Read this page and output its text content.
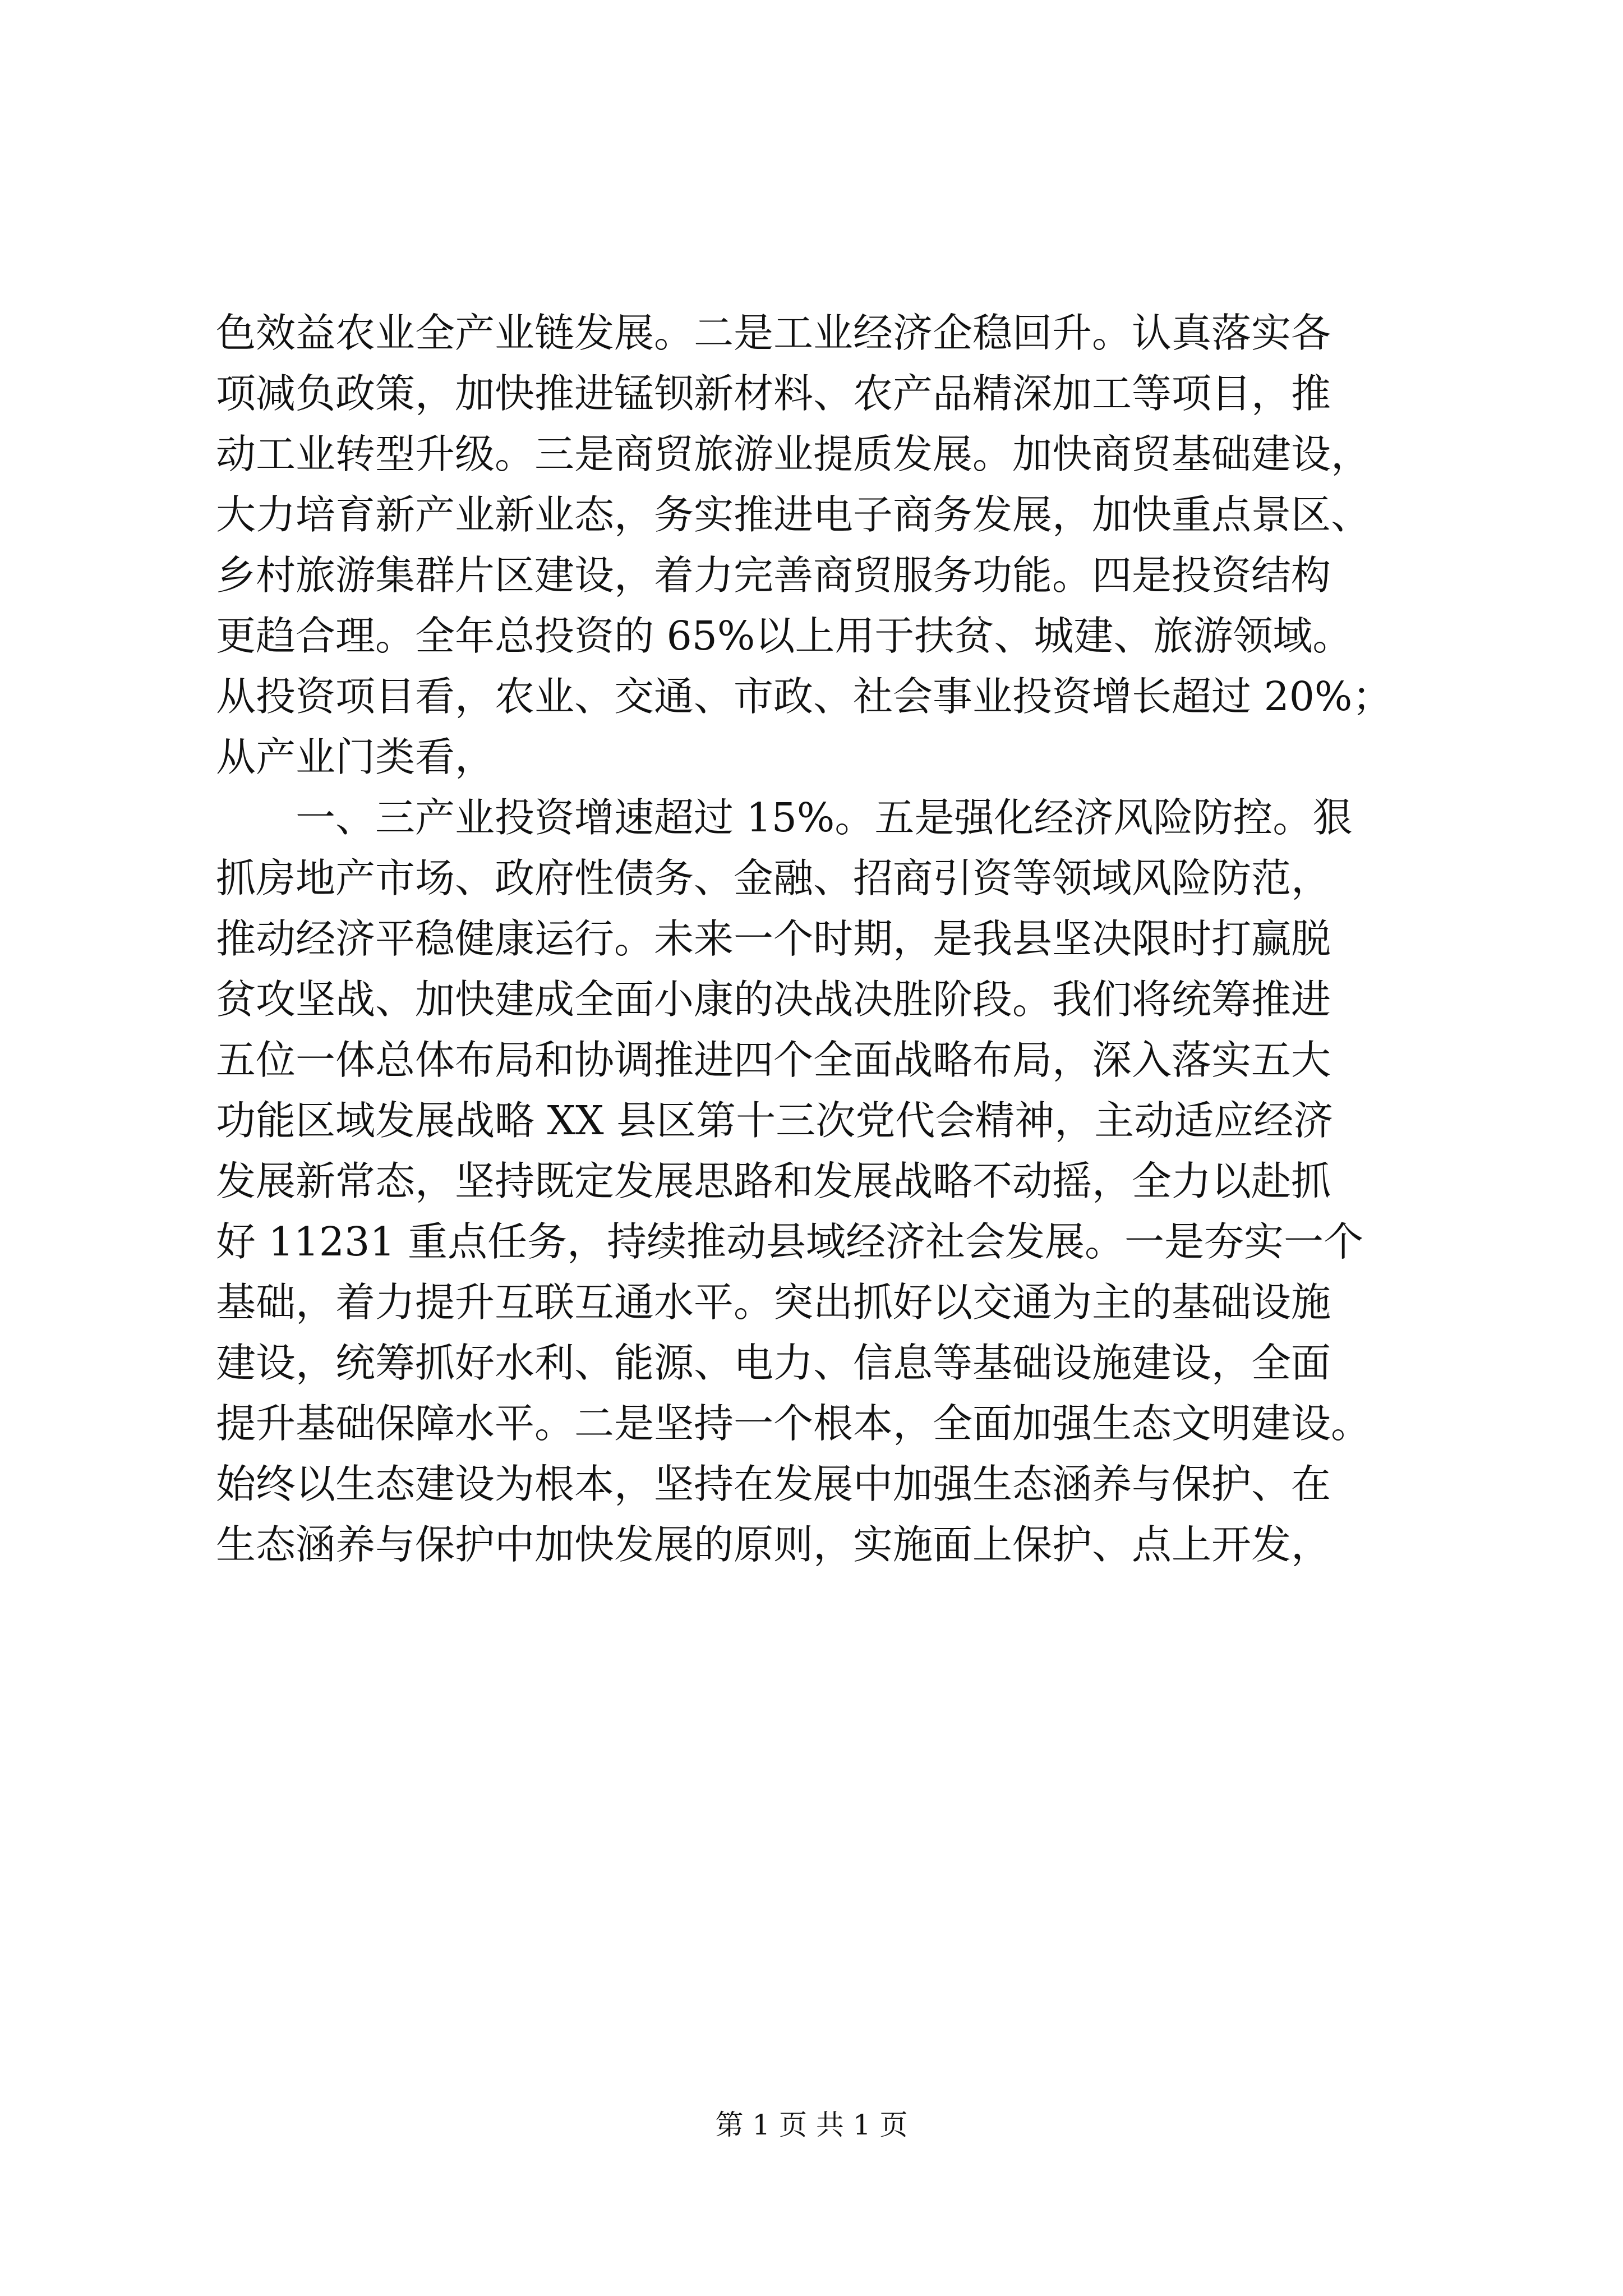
色效益农业全产业链发展。二是工业经济企稳回升。认真落实各
项减负政策，加快推进锰钡新材料、农产品精深加工等项目，推
动工业转型升级。三是商贸旅游业提质发展。加快商贸基础建设，
大力培育新产业新业态，务实推进电子商务发展，加快重点景区、
乡村旅游集群片区建设，着力完善商贸服务功能。四是投资结构
更趋合理。全年总投资的 65%以上用于扶贫、城建、旅游领域。
从投资项目看，农业、交通、市政、社会事业投资增长超过 20%；
从产业门类看，
一、三产业投资增速超过 15%。五是强化经济风险防控。狠
抓房地产市场、政府性债务、金融、招商引资等领域风险防范，
推动经济平稳健康运行。未来一个时期，是我县坚决限时打赢脱
贫攻坚战、加快建成全面小康的决战决胜阶段。我们将统筹推进
五位一体总体布局和协调推进四个全面战略布局，深入落实五大
功能区域发展战略 XX 县区第十三次党代会精神，主动适应经济
发展新常态，坚持既定发展思路和发展战略不动摇，全力以赴抓
好 11231 重点任务，持续推动县域经济社会发展。一是夯实一个
基础，着力提升互联互通水平。突出抓好以交通为主的基础设施
建设，统筹抓好水利、能源、电力、信息等基础设施建设，全面
提升基础保障水平。二是坚持一个根本，全面加强生态文明建设。
始终以生态建设为根本，坚持在发展中加强生态涵养与保护、在
生态涵养与保护中加快发展的原则，实施面上保护、点上开发，
第 1 页 共 1 页
